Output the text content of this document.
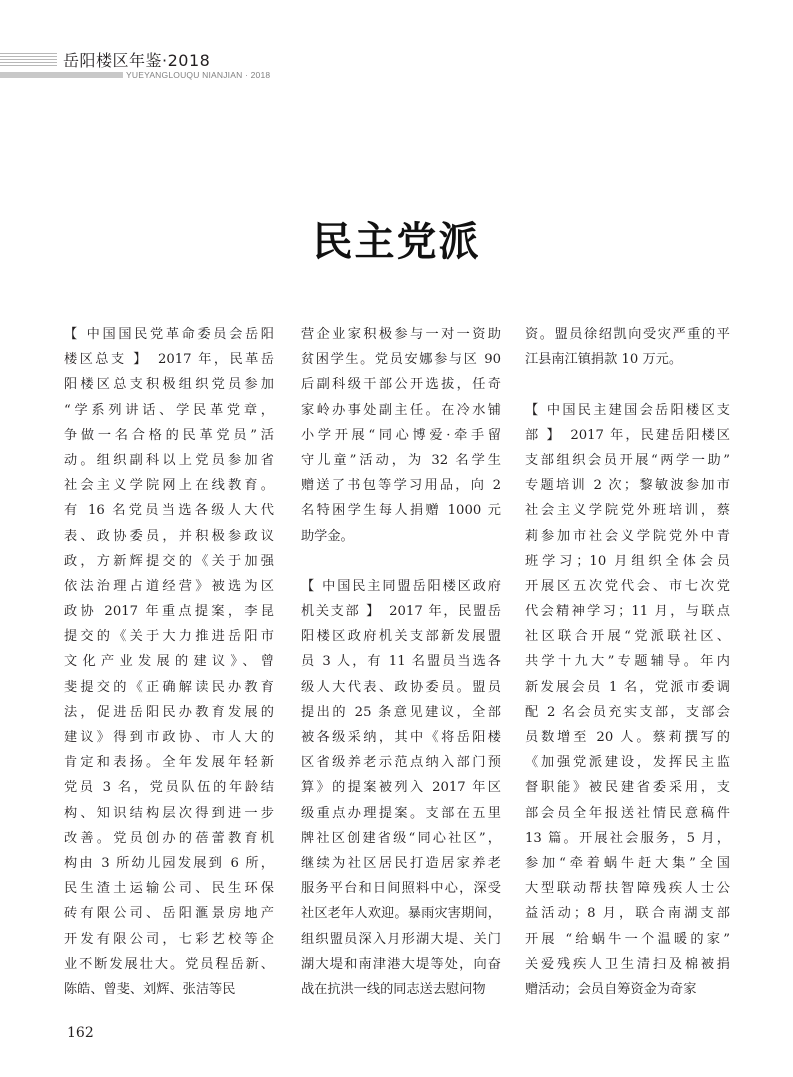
岳阳楼区年鉴·2018
YUEYANGLOUQU NIANJIAN · 2018
民主党派
【 中国国民党革命委员会岳阳
楼区总支 】　2017 年，民革岳
阳楼区总支积极组织党员参加
“学系列讲话、学民革党章，
争做一名合格的民革党员”活
动。组织副科以上党员参加省
社会主义学院网上在线教育。
有 16 名党员当选各级人大代
表、政协委员，并积极参政议
政，方新辉提交的《关于加强
依法治理占道经营》被选为区
政协 2017 年重点提案，李昆
提交的《关于大力推进岳阳市
文化产业发展的建议》、曾
斐提交的《正确解读民办教育
法，促进岳阳民办教育发展的
建议》得到市政协、市人大的
肯定和表扬。全年发展年轻新
党员 3 名，党员队伍的年龄结
构、知识结构层次得到进一步
改善。党员创办的蓓蕾教育机
构由 3 所幼儿园发展到 6 所，
民生渣土运输公司、民生环保
砖有限公司、岳阳滙景房地产
开发有限公司，七彩艺校等企
业不断发展壮大。党员程岳新、
陈皓、曾斐、刘辉、张洁等民
营企业家积极参与一对一资助
贫困学生。党员安娜参与区 90
后副科级干部公开选拔，任奇
家岭办事处副主任。在冷水铺
小学开展“同心博爱·牵手留
守儿童”活动，为 32 名学生
赠送了书包等学习用品，向 2
名特困学生每人捐赠 1000 元
助学金。
【 中国民主同盟岳阳楼区政府
机关支部 】　2017 年，民盟岳
阳楼区政府机关支部新发展盟
员 3 人，有 11 名盟员当选各
级人大代表、政协委员。盟员
提出的 25 条意见建议，全部
被各级采纳，其中《将岳阳楼
区省级养老示范点纳入部门预
算》的提案被列入 2017 年区
级重点办理提案。支部在五里
牌社区创建省级“同心社区”，
继续为社区居民打造居家养老
服务平台和日间照料中心，深受
社区老年人欢迎。暴雨灾害期间，
组织盟员深入月形湖大堤、关门
湖大堤和南津港大堤等处，向奋
战在抗洪一线的同志送去慰问物
资。盟员徐绍凯向受灾严重的平
江县南江镇捐款 10 万元。
【 中国民主建国会岳阳楼区支
部 】　2017 年，民建岳阳楼区
支部组织会员开展“两学一助”
专题培训 2 次；黎敏波参加市
社会主义学院党外班培训，蔡
莉参加市社会义学院党外中青
班学习；10 月组织全体会员
开展区五次党代会、市七次党
代会精神学习；11 月，与联点
社区联合开展“党派联社区、
共学十九大”专题辅导。年内
新发展会员 1 名，党派市委调
配 2 名会员充实支部，支部会
员数增至 20 人。蔡莉撰写的
《加强党派建设，发挥民主监
督职能》被民建省委采用，支
部会员全年报送社情民意稿件
13 篇。开展社会服务，5 月，
参加“牵着蜗牛赶大集”全国
大型联动帮扶智障残疾人士公
益活动；8 月，联合南湖支部
开展 “给蜗牛一个温暖的家”
关爱残疾人卫生清扫及棉被捐
赠活动；会员自筹资金为奇家
162
